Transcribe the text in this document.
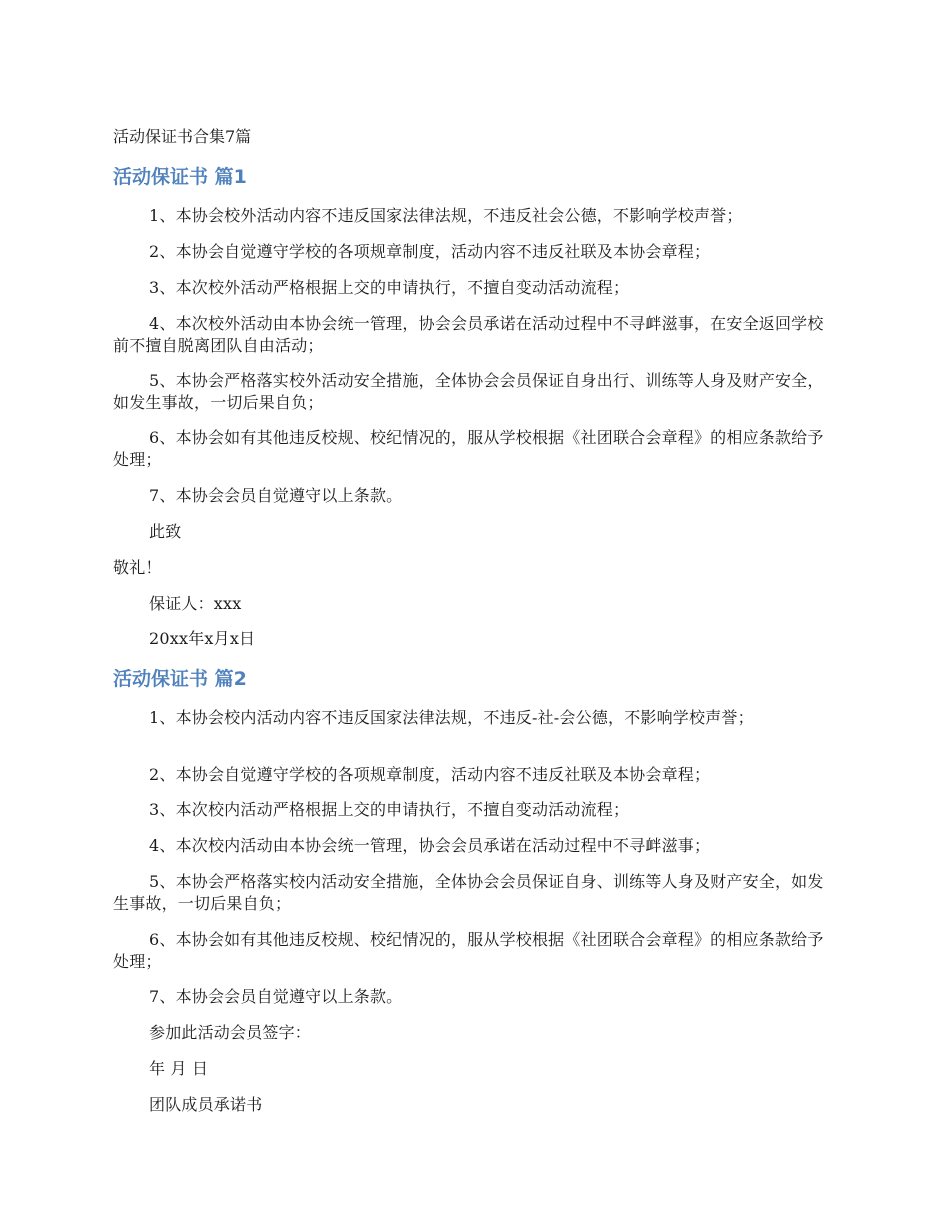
活动保证书合集7篇
活动保证书 篇1
1、本协会校外活动内容不违反国家法律法规，不违反社会公德，不影响学校声誉；
2、本协会自觉遵守学校的各项规章制度，活动内容不违反社联及本协会章程；
3、本次校外活动严格根据上交的申请执行，不擅自变动活动流程；
4、本次校外活动由本协会统一管理，协会会员承诺在活动过程中不寻衅滋事，在安全返回学校前不擅自脱离团队自由活动；
5、本协会严格落实校外活动安全措施，全体协会会员保证自身出行、训练等人身及财产安全，如发生事故，一切后果自负；
6、本协会如有其他违反校规、校纪情况的，服从学校根据《社团联合会章程》的相应条款给予处理；
7、本协会会员自觉遵守以上条款。
此致
敬礼！
保证人：xxx
20xx年x月x日
活动保证书 篇2
1、本协会校内活动内容不违反国家法律法规，不违反-社-会公德，不影响学校声誉；
2、本协会自觉遵守学校的各项规章制度，活动内容不违反社联及本协会章程；
3、本次校内活动严格根据上交的申请执行，不擅自变动活动流程；
4、本次校内活动由本协会统一管理，协会会员承诺在活动过程中不寻衅滋事；
5、本协会严格落实校内活动安全措施，全体协会会员保证自身、训练等人身及财产安全，如发生事故，一切后果自负；
6、本协会如有其他违反校规、校纪情况的，服从学校根据《社团联合会章程》的相应条款给予处理；
7、本协会会员自觉遵守以上条款。
参加此活动会员签字：
年 月 日
团队成员承诺书
